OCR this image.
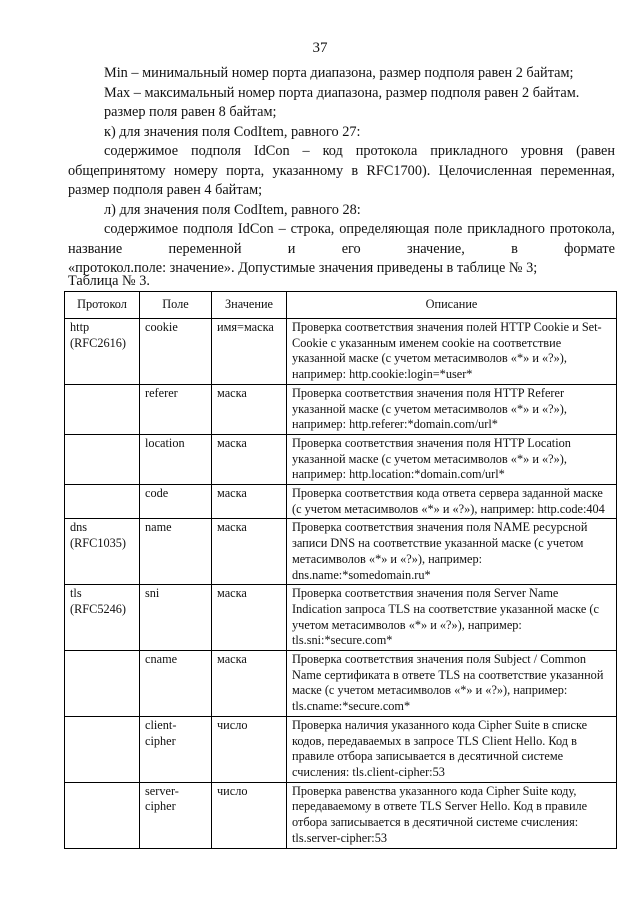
37

Min – минимальный номер порта диапазона, размер подполя равен 2 байтам;

Max – максимальный номер порта диапазона, размер подполя равен 2 байтам.

размер поля равен 8 байтам;

к) для значения поля CodItem, равного 27:

содержимое подполя IdCon – код протокола прикладного уровня (равен общепринятому номеру порта, указанному в RFC1700). Целочисленная переменная, размер подполя равен 4 байтам;

л) для значения поля CodItem, равного 28:

содержимое подполя IdCon – строка, определяющая поле прикладного протокола, название переменной и его значение, в формате

«протокол.поле: значение». Допустимые значения приведены в таблице № 3;

Таблица № 3.
Протокол	Поле	Значение	Описание

http
(RFC2616)	cookie	имя=маска	Проверка соответствия значения полей HTTP Cookie и Set-Cookie с указанным именем cookie на соответствие указанной маске (с учетом метасимволов «*» и «?»), например: http.cookie:login=*user*
	referer	маска	Проверка соответствия значения поля HTTP Referer указанной маске (с учетом метасимволов «*» и «?»), например: http.referer:*domain.com/url*
	location	маска	Проверка соответствия значения поля HTTP Location указанной маске (с учетом метасимволов «*» и «?»), например: http.location:*domain.com/url*
	code	маска	Проверка соответствия кода ответа сервера заданной маске (с учетом метасимволов «*» и «?»), например: http.code:404

dns
(RFC1035)	name	маска	Проверка соответствия значения поля NAME ресурсной записи DNS на соответствие указанной маске (с учетом метасимволов «*» и «?»), например: dns.name:*somedomain.ru*

tls
(RFC5246)	sni	маска	Проверка соответствия значения поля Server Name Indication запроса TLS на соответствие указанной маске (с учетом метасимволов «*» и «?»), например: tls.sni:*secure.com*
	cname	маска	Проверка соответствия значения поля Subject / Common Name сертификата в ответе TLS на соответствие указанной маске (с учетом метасимволов «*» и «?»), например: tls.cname:*secure.com*
	client-cipher	число	Проверка наличия указанного кода Cipher Suite в списке кодов, передаваемых в запросе TLS Client Hello. Код в правиле отбора записывается в десятичной системе счисления: tls.client-cipher:53
	server-cipher	число	Проверка равенства указанного кода Cipher Suite коду, передаваемому в ответе TLS Server Hello. Код в правиле отбора записывается в десятичной системе счисления: tls.server-cipher:53
